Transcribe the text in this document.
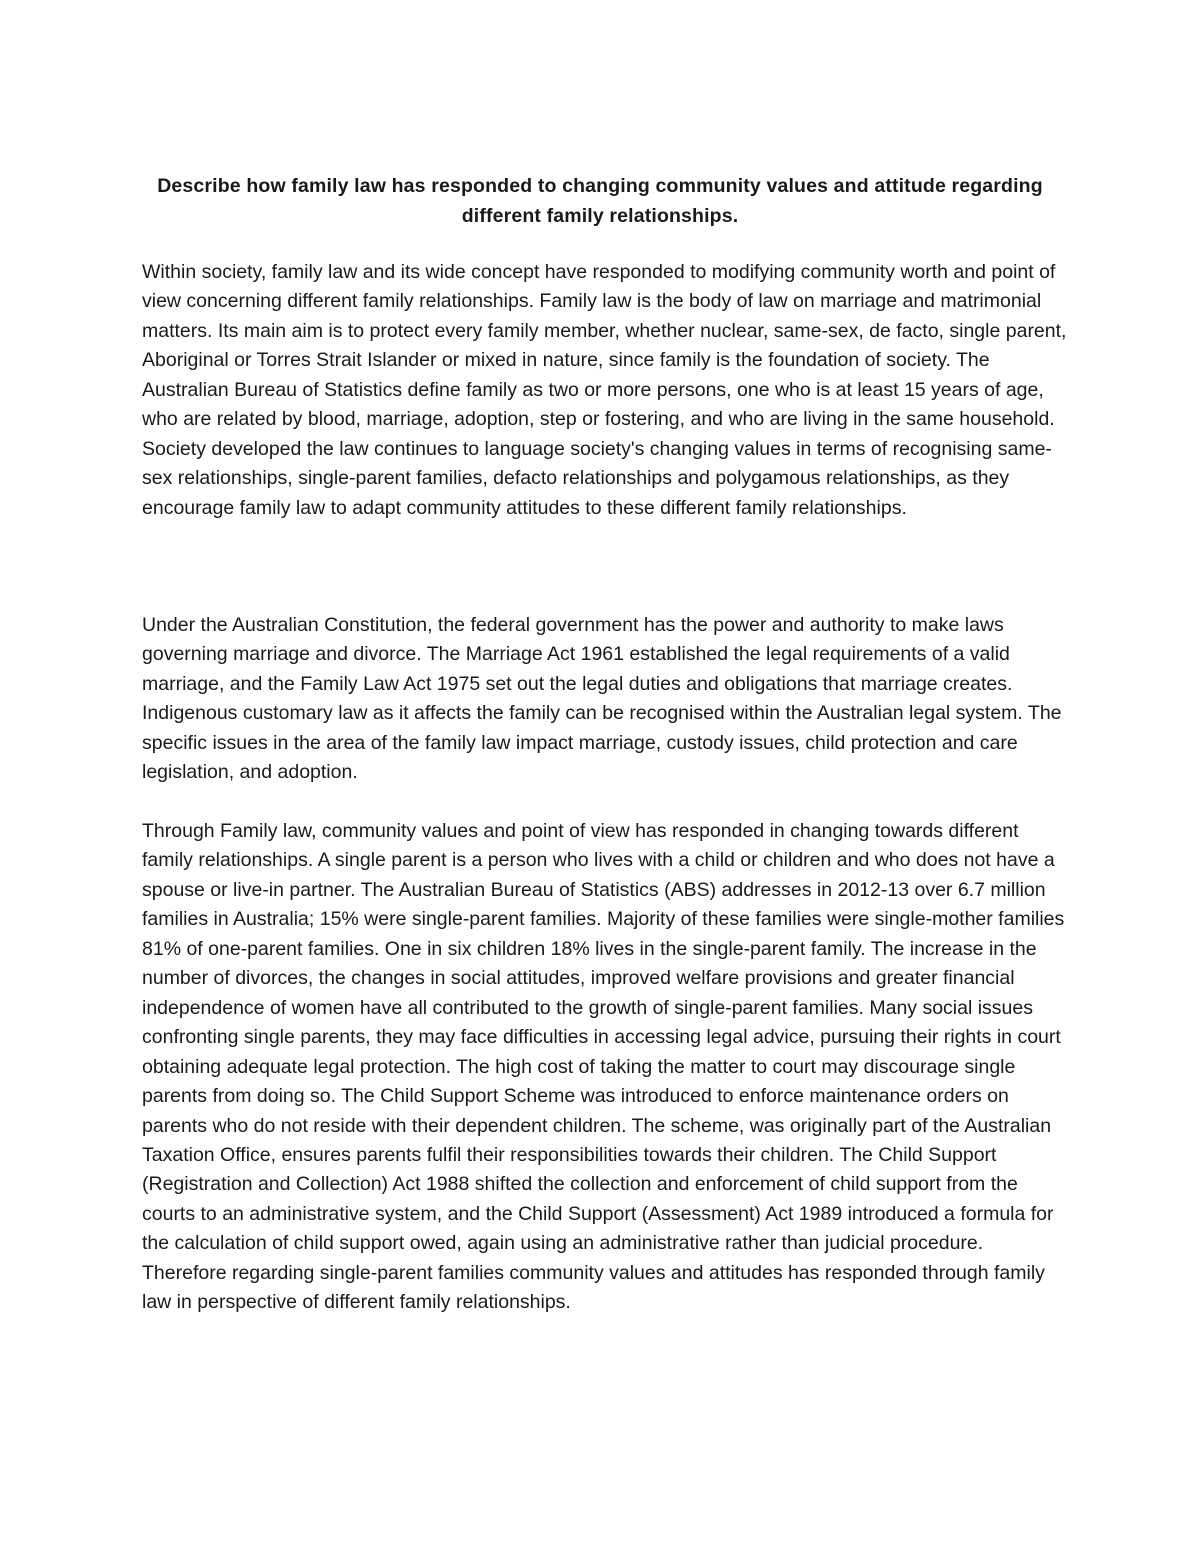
Describe how family law has responded to changing community values and attitude regarding different family relationships.

Within society, family law and its wide concept have responded to modifying community worth and point of view concerning different family relationships. Family law is the body of law on marriage and matrimonial matters. Its main aim is to protect every family member, whether nuclear, same-sex, de facto, single parent, Aboriginal or Torres Strait Islander or mixed in nature, since family is the foundation of society. The Australian Bureau of Statistics define family as two or more persons, one who is at least 15 years of age, who are related by blood, marriage, adoption, step or fostering, and who are living in the same household. Society developed the law continues to language society's changing values in terms of recognising same-sex relationships, single-parent families, defacto relationships and polygamous relationships, as they encourage family law to adapt community attitudes to these different family relationships.

Under the Australian Constitution, the federal government has the power and authority to make laws governing marriage and divorce. The Marriage Act 1961 established the legal requirements of a valid marriage, and the Family Law Act 1975 set out the legal duties and obligations that marriage creates. Indigenous customary law as it affects the family can be recognised within the Australian legal system. The specific issues in the area of the family law impact marriage, custody issues, child protection and care legislation, and adoption.

Through Family law, community values and point of view has responded in changing towards different family relationships. A single parent is a person who lives with a child or children and who does not have a spouse or live-in partner. The Australian Bureau of Statistics (ABS) addresses in 2012-13 over 6.7 million families in Australia; 15% were single-parent families. Majority of these families were single-mother families 81% of one-parent families. One in six children 18% lives in the single-parent family. The increase in the number of divorces, the changes in social attitudes, improved welfare provisions and greater financial independence of women have all contributed to the growth of single-parent families. Many social issues confronting single parents, they may face difficulties in accessing legal advice, pursuing their rights in court obtaining adequate legal protection. The high cost of taking the matter to court may discourage single parents from doing so. The Child Support Scheme was introduced to enforce maintenance orders on parents who do not reside with their dependent children. The scheme, was originally part of the Australian Taxation Office, ensures parents fulfil their responsibilities towards their children. The Child Support (Registration and Collection) Act 1988 shifted the collection and enforcement of child support from the courts to an administrative system, and the Child Support (Assessment) Act 1989 introduced a formula for the calculation of child support owed, again using an administrative rather than judicial procedure. Therefore regarding single-parent families community values and attitudes has responded through family law in perspective of different family relationships.
